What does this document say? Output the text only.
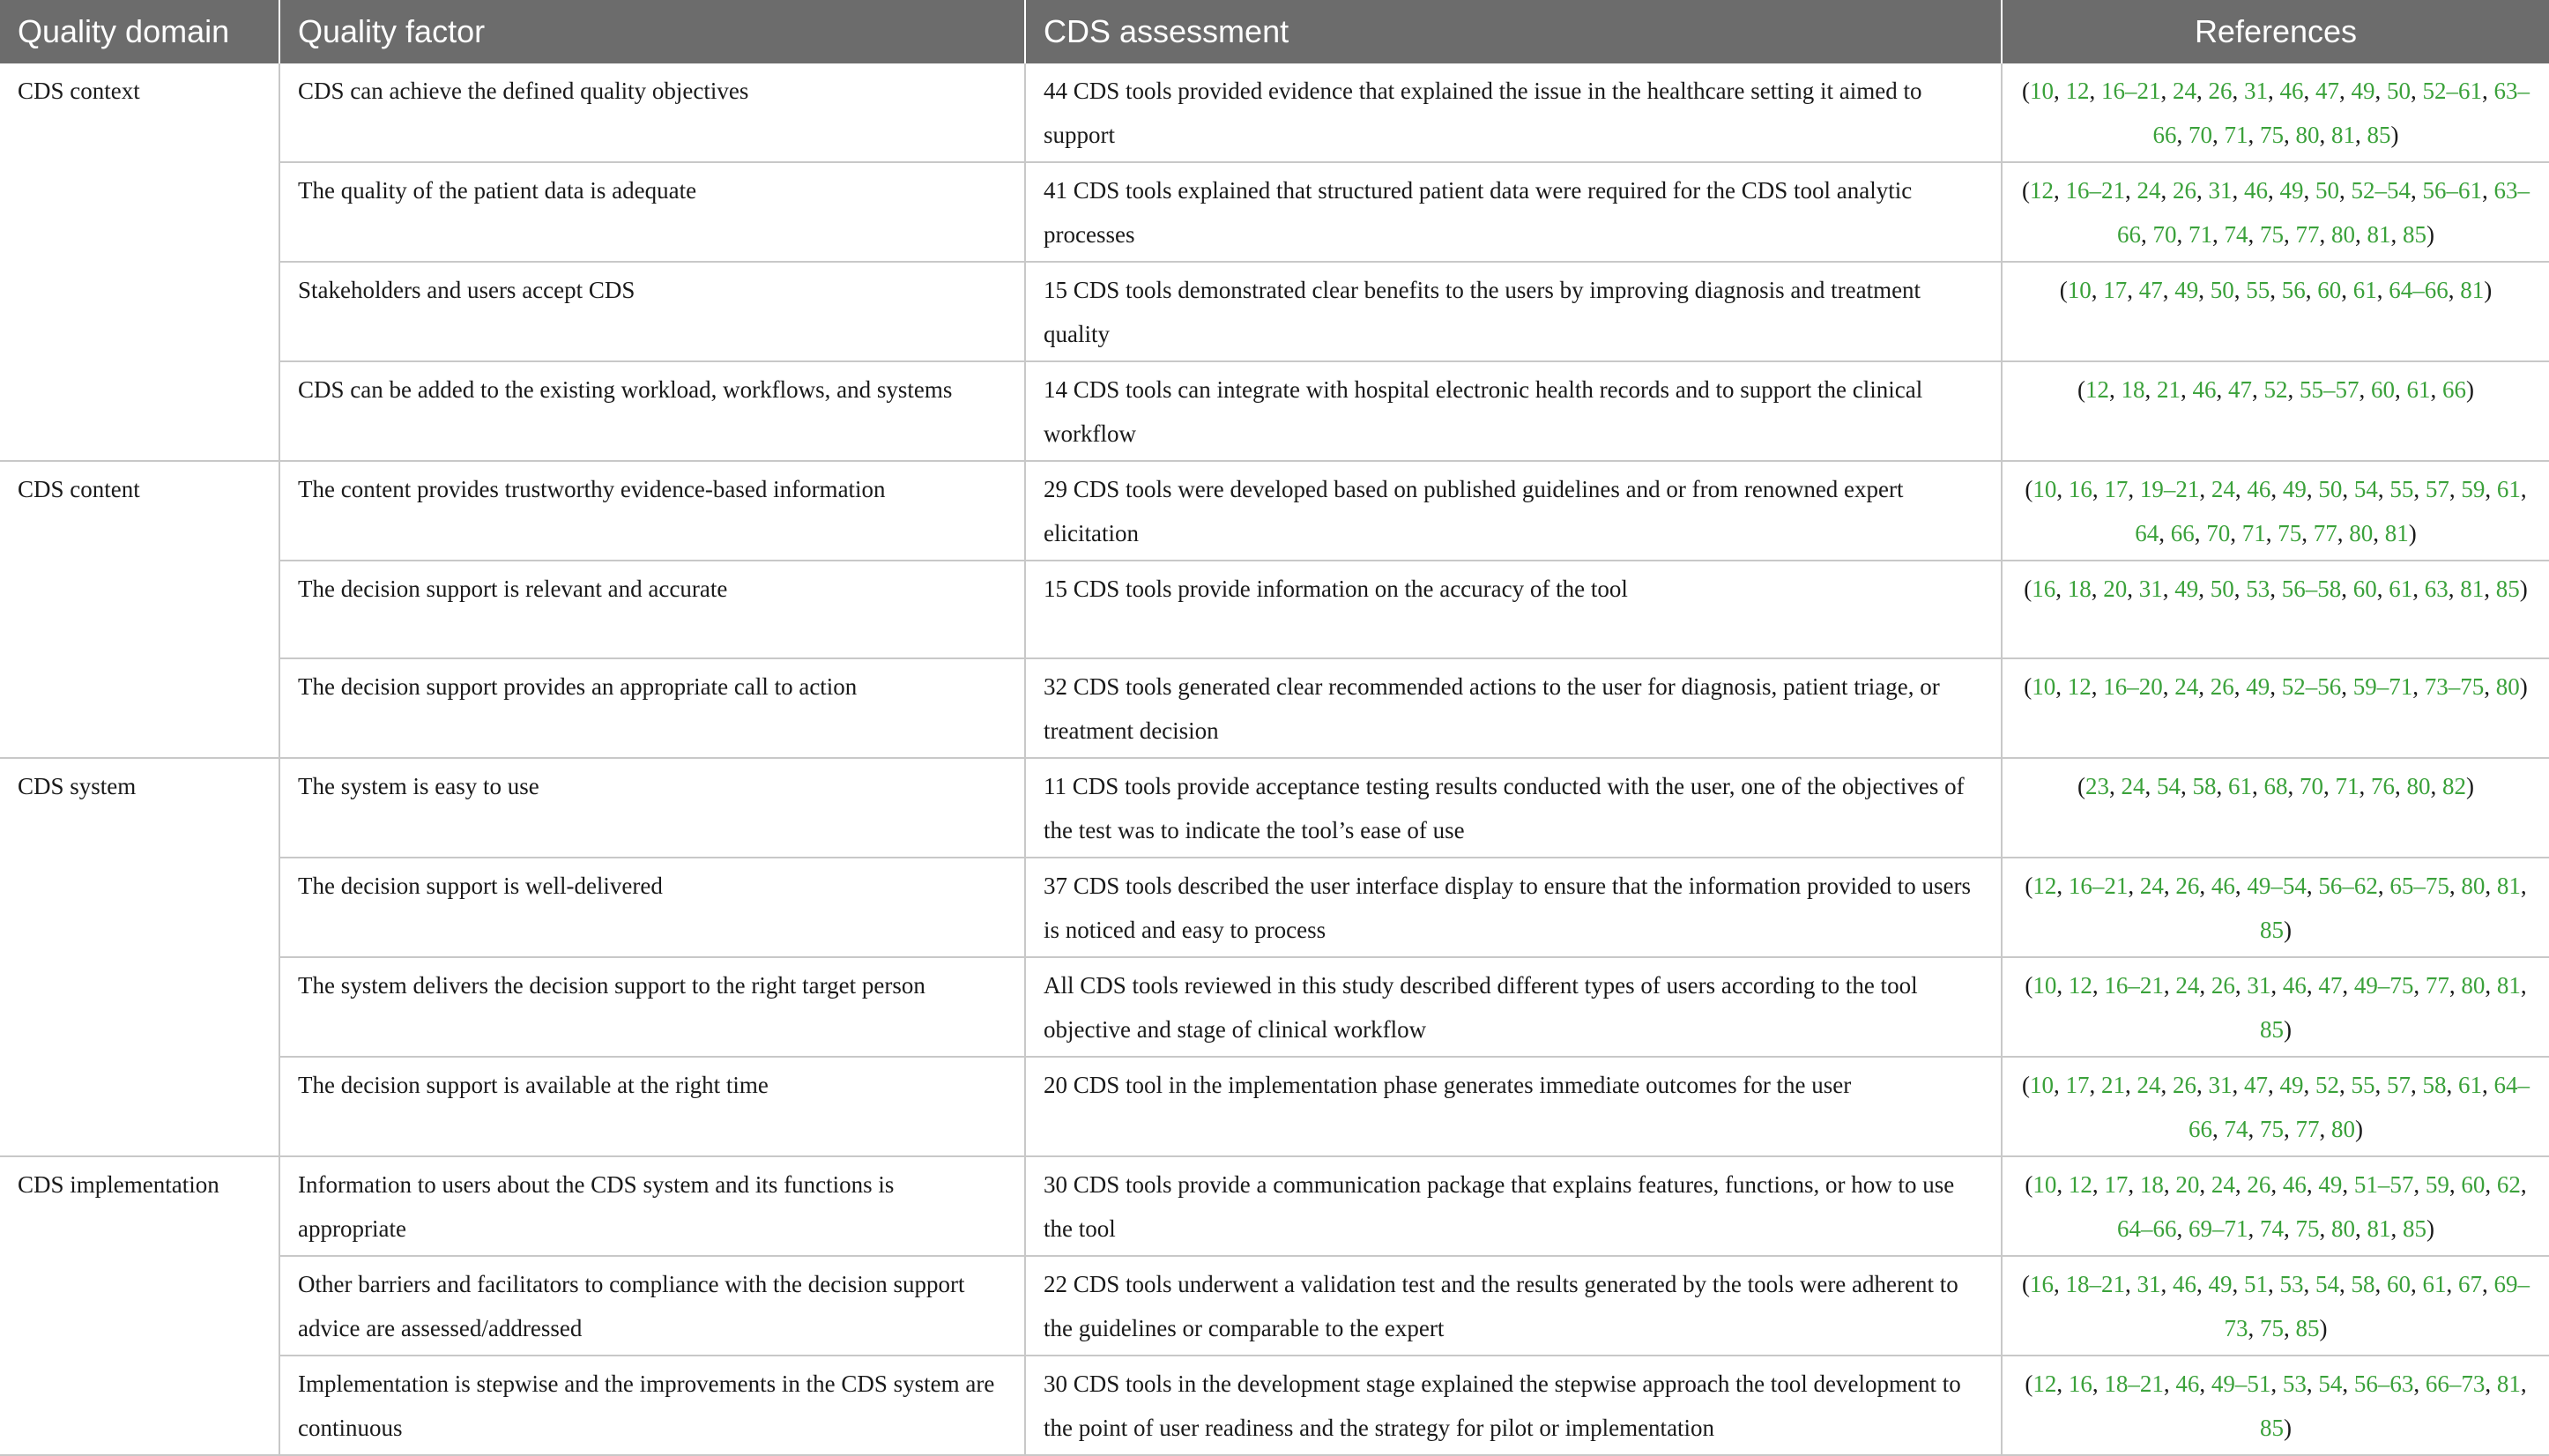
Quality domain	Quality factor	CDS assessment	References
CDS context	CDS can achieve the defined quality objectives	44 CDS tools provided evidence that explained the issue in the healthcare setting it aimed to support	(10, 12, 16–21, 24, 26, 31, 46, 47, 49, 50, 52–61, 63–66, 70, 71, 75, 80, 81, 85)
	The quality of the patient data is adequate	41 CDS tools explained that structured patient data were required for the CDS tool analytic processes	(12, 16–21, 24, 26, 31, 46, 49, 50, 52–54, 56–61, 63–66, 70, 71, 74, 75, 77, 80, 81, 85)
	Stakeholders and users accept CDS	15 CDS tools demonstrated clear benefits to the users by improving diagnosis and treatment quality	(10, 17, 47, 49, 50, 55, 56, 60, 61, 64–66, 81)
	CDS can be added to the existing workload, workflows, and systems	14 CDS tools can integrate with hospital electronic health records and to support the clinical workflow	(12, 18, 21, 46, 47, 52, 55–57, 60, 61, 66)
CDS content	The content provides trustworthy evidence-based information	29 CDS tools were developed based on published guidelines and or from renowned expert elicitation	(10, 16, 17, 19–21, 24, 46, 49, 50, 54, 55, 57, 59, 61, 64, 66, 70, 71, 75, 77, 80, 81)
	The decision support is relevant and accurate	15 CDS tools provide information on the accuracy of the tool	(16, 18, 20, 31, 49, 50, 53, 56–58, 60, 61, 63, 81, 85)
	The decision support provides an appropriate call to action	32 CDS tools generated clear recommended actions to the user for diagnosis, patient triage, or treatment decision	(10, 12, 16–20, 24, 26, 49, 52–56, 59–71, 73–75, 80)
CDS system	The system is easy to use	11 CDS tools provide acceptance testing results conducted with the user, one of the objectives of the test was to indicate the tool’s ease of use	(23, 24, 54, 58, 61, 68, 70, 71, 76, 80, 82)
	The decision support is well-delivered	37 CDS tools described the user interface display to ensure that the information provided to users is noticed and easy to process	(12, 16–21, 24, 26, 46, 49–54, 56–62, 65–75, 80, 81, 85)
	The system delivers the decision support to the right target person	All CDS tools reviewed in this study described different types of users according to the tool objective and stage of clinical workflow	(10, 12, 16–21, 24, 26, 31, 46, 47, 49–75, 77, 80, 81, 85)
	The decision support is available at the right time	20 CDS tool in the implementation phase generates immediate outcomes for the user	(10, 17, 21, 24, 26, 31, 47, 49, 52, 55, 57, 58, 61, 64–66, 74, 75, 77, 80)
CDS implementation	Information to users about the CDS system and its functions is appropriate	30 CDS tools provide a communication package that explains features, functions, or how to use the tool	(10, 12, 17, 18, 20, 24, 26, 46, 49, 51–57, 59, 60, 62, 64–66, 69–71, 74, 75, 80, 81, 85)
	Other barriers and facilitators to compliance with the decision support advice are assessed/addressed	22 CDS tools underwent a validation test and the results generated by the tools were adherent to the guidelines or comparable to the expert	(16, 18–21, 31, 46, 49, 51, 53, 54, 58, 60, 61, 67, 69–73, 75, 85)
	Implementation is stepwise and the improvements in the CDS system are continuous	30 CDS tools in the development stage explained the stepwise approach the tool development to the point of user readiness and the strategy for pilot or implementation	(12, 16, 18–21, 46, 49–51, 53, 54, 56–63, 66–73, 81, 85)
